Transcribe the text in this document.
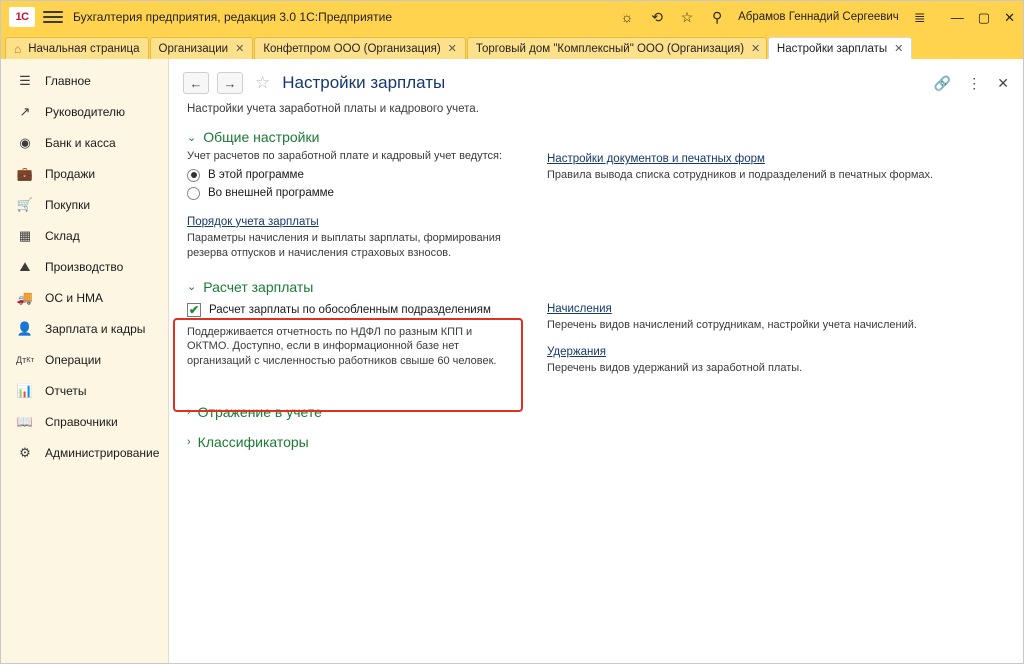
1C	Бухгалтерия предприятия, редакция 3.0 1С:Предприятие	☼ ⟲ ☆ ⚲	Абрамов Геннадий Сергеевич ≣ — ▢ ✕
⌂ Начальная страница Организации ✕ Конфетпром ООО (Организация) ✕ Торговый дом "Комплексный" ООО (Организация) ✕ Настройки зарплаты ✕
☰ Главное
↗ Руководителю
◉ Банк и касса
💼 Продажи
🛒 Покупки
▦ Склад
⛰ Производство
🚚 ОС и НМА
👤 Зарплата и кадры
Дт Кт Операции
📊 Отчеты
📖 Справочники
⚙ Администрирование
←	→	☆ Настройки зарплаты	🔗 ⋮ ✕
Настройки учета заработной платы и кадрового учета.
⌄ Общие настройки
Учет расчетов по заработной плате и кадровый учет ведутся:
В этой программе
Во внешней программе
Порядок учета зарплаты
Параметры начисления и выплаты зарплаты, формирования резерва отпусков и начисления страховых взносов.
Настройки документов и печатных форм
Правила вывода списка сотрудников и подразделений в печатных формах.
⌄ Расчет зарплаты
✔
Расчет зарплаты по обособленным подразделениям
Поддерживается отчетность по НДФЛ по разным КПП и ОКТМО. Доступно, если в информационной базе нет организаций с численностью работников свыше 60 человек.
Начисления
Перечень видов начислений сотрудникам, настройки учета начислений.
Удержания
Перечень видов удержаний из заработной платы.
› Отражение в учете
› Классификаторы
